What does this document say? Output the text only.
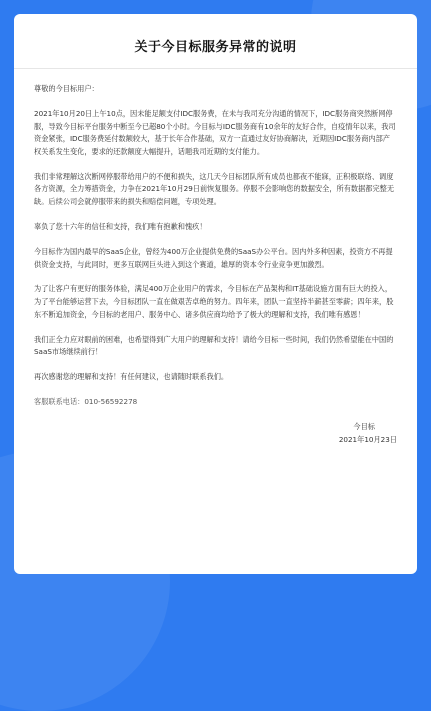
关于今目标服务异常的说明

尊敬的今目标用户：

2021年10月20日上午10点，因未能足额支付IDC服务费，在未与我司充分沟通的情况下，IDC服务商突然断网停服，导致今目标平台服务中断至今已超80个小时。今目标与IDC服务商有10余年的友好合作，自疫情年以来，我司资金紧张，IDC服务费延付数额较大，基于长年合作基础，双方一直通过友好协商解决，近期因IDC服务商内部产权关系发生变化，要求的还款额度大幅提升，话题我司近期的支付能力。

我们非常理解这次断网停服带给用户的不便和损失，这几天今目标团队所有成员也都夜不能寐，正积极联络、调度各方资源，全力筹措资金，力争在2021年10月29日前恢复服务。停服不会影响您的数据安全，所有数据都完整无缺。后续公司会就停服带来的损失和赔偿问题，专项处理。

辜负了您十六年的信任和支持，我们唯有抱歉和愧疚！

今目标作为国内最早的SaaS企业，曾经为400万企业提供免费的SaaS办公平台。因内外多种因素，投资方不再提供资金支持，与此同时，更多互联网巨头进入到这个赛道，雄厚的资本令行业竞争更加激烈。

为了让客户有更好的服务体验，满足400万企业用户的需求，今目标在产品架构和IT基础设施方面有巨大的投入，为了平台能够运营下去，今目标团队一直在做艰苦卓绝的努力。四年来，团队一直坚持半薪甚至零薪；四年来，股东不断追加资金，今目标的老用户、服务中心、诸多供应商均给予了极大的理解和支持，我们唯有感恩！

我们正全力应对眼前的困难，也希望得到广大用户的理解和支持！请给今目标一些时间，我们仍然希望能在中国的SaaS市场继续前行！

再次感谢您的理解和支持！有任何建议，也请随时联系我们。

客服联系电话：010-56592278

今目标
2021年10月23日
